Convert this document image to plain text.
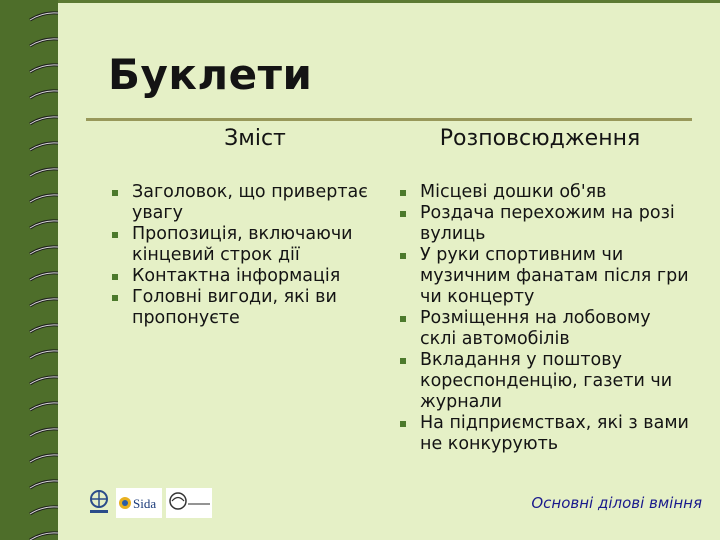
Буклети
Зміст	Розповсюдження
Заголовок, що привертає увагу
Пропозиція, включаючи кінцевий строк дії
Контактна інформація
Головні вигоди, які ви пропонуєте
Місцеві дошки об'яв
Роздача перехожим на розі вулиць
У руки спортивним чи музичним фанатам після гри чи концерту
Розміщення на лобовому склі автомобілів
Вкладання у поштову кореспонденцію, газети чи журнали
На підприємствах, які з вами не конкурують
Sida	Основні ділові вміння
